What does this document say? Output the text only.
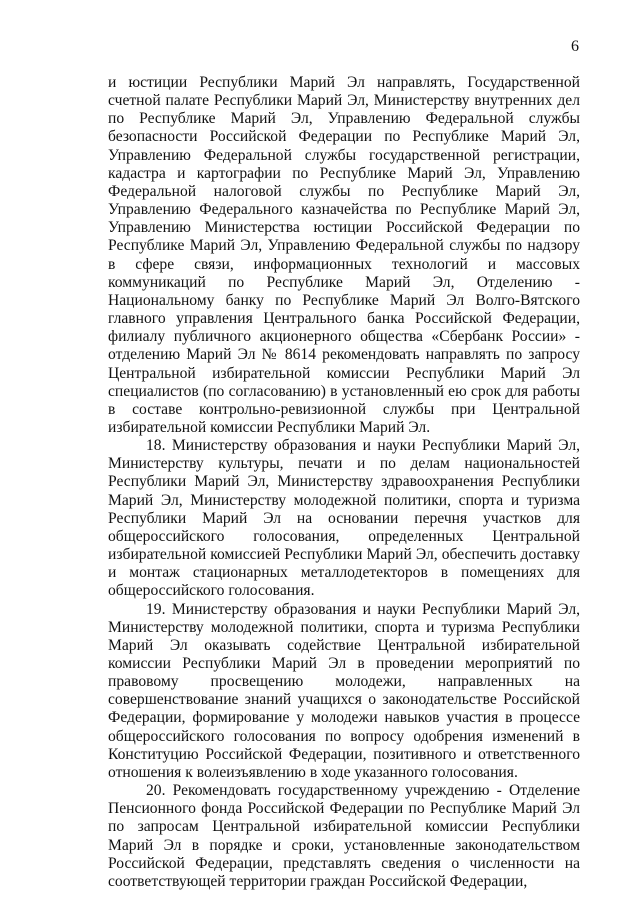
6

и юстиции Республики Марий Эл направлять, Государственной счетной палате Республики Марий Эл, Министерству внутренних дел по Республике Марий Эл, Управлению Федеральной службы безопасности Российской Федерации по Республике Марий Эл, Управлению Федеральной службы государственной регистрации, кадастра и картографии по Республике Марий Эл, Управлению Федеральной налоговой службы по Республике Марий Эл, Управлению Федерального казначейства по Республике Марий Эл, Управлению Министерства юстиции Российской Федерации по Республике Марий Эл, Управлению Федеральной службы по надзору в сфере связи, информационных технологий и массовых коммуникаций по Республике Марий Эл, Отделению - Национальному банку по Республике Марий Эл Волго-Вятского главного управления Центрального банка Российской Федерации, филиалу публичного акционерного общества «Сбербанк России» - отделению Марий Эл № 8614 рекомендовать направлять по запросу Центральной избирательной комиссии Республики Марий Эл специалистов (по согласованию) в установленный ею срок для работы в составе контрольно-ревизионной службы при Центральной избирательной комиссии Республики Марий Эл.

18. Министерству образования и науки Республики Марий Эл, Министерству культуры, печати и по делам национальностей Республики Марий Эл, Министерству здравоохранения Республики Марий Эл, Министерству молодежной политики, спорта и туризма Республики Марий Эл на основании перечня участков для общероссийского голосования, определенных Центральной избирательной комиссией Республики Марий Эл, обеспечить доставку и монтаж стационарных металлодетекторов в помещениях для общероссийского голосования.

19. Министерству образования и науки Республики Марий Эл, Министерству молодежной политики, спорта и туризма Республики Марий Эл оказывать содействие Центральной избирательной комиссии Республики Марий Эл в проведении мероприятий по правовому просвещению молодежи, направленных на совершенствование знаний учащихся о законодательстве Российской Федерации, формирование у молодежи навыков участия в процессе общероссийского голосования по вопросу одобрения изменений в Конституцию Российской Федерации, позитивного и ответственного отношения к волеизъявлению в ходе указанного голосования.

20. Рекомендовать государственному учреждению - Отделение Пенсионного фонда Российской Федерации по Республике Марий Эл по запросам Центральной избирательной комиссии Республики Марий Эл в порядке и сроки, установленные законодательством Российской Федерации, представлять сведения о численности на соответствующей территории граждан Российской Федерации,
